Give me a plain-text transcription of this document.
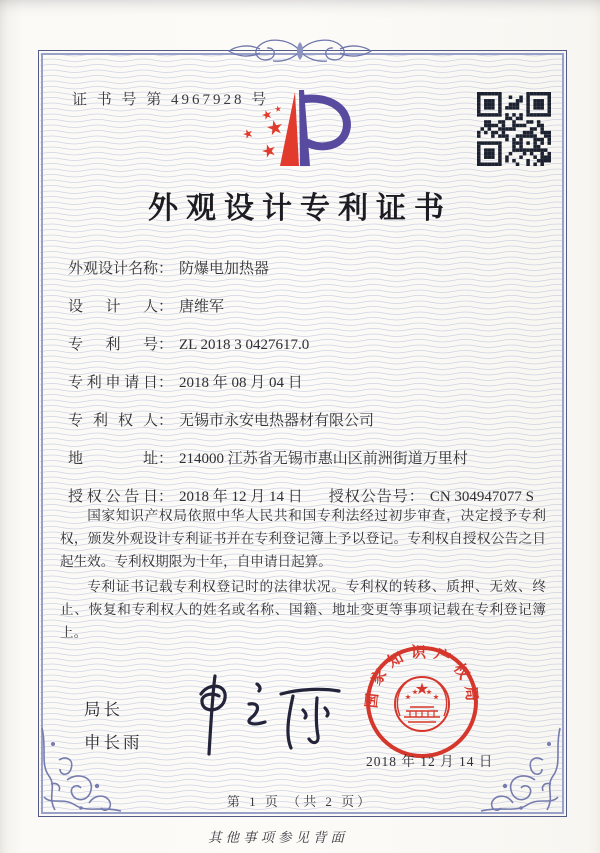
证 书 号 第 4967928 号
外观设计专利证书
外观设计名称 ： 防爆电加热器
设计人 ： 唐维军
专利号 ： ZL 2018 3 0427617.0
专利申请日 ： 2018 年 08 月 04 日
专利权人 ： 无锡市永安电热器材有限公司
地址 ： 214000 江苏省无锡市惠山区前洲街道万里村
授权公告日 ： 2018 年 12 月 14 日 授权公告号 ： CN 304947077 S

国家知识产权局依照中华人民共和国专利法经过初步审查，决定授予专利权，颁发外观设计专利证书并在专利登记簿上予以登记。专利权自授权公告之日起生效。专利权期限为十年，自申请日起算。

专利证书记载专利权登记时的法律状况。专利权的转移、质押、无效、终止、恢复和专利权人的姓名或名称、国籍、地址变更等事项记载在专利登记簿上。

局长
申长雨
国家知识产权局
2018 年 12 月 14 日
第 1 页 （共 2 页）
其他事项参见背面
